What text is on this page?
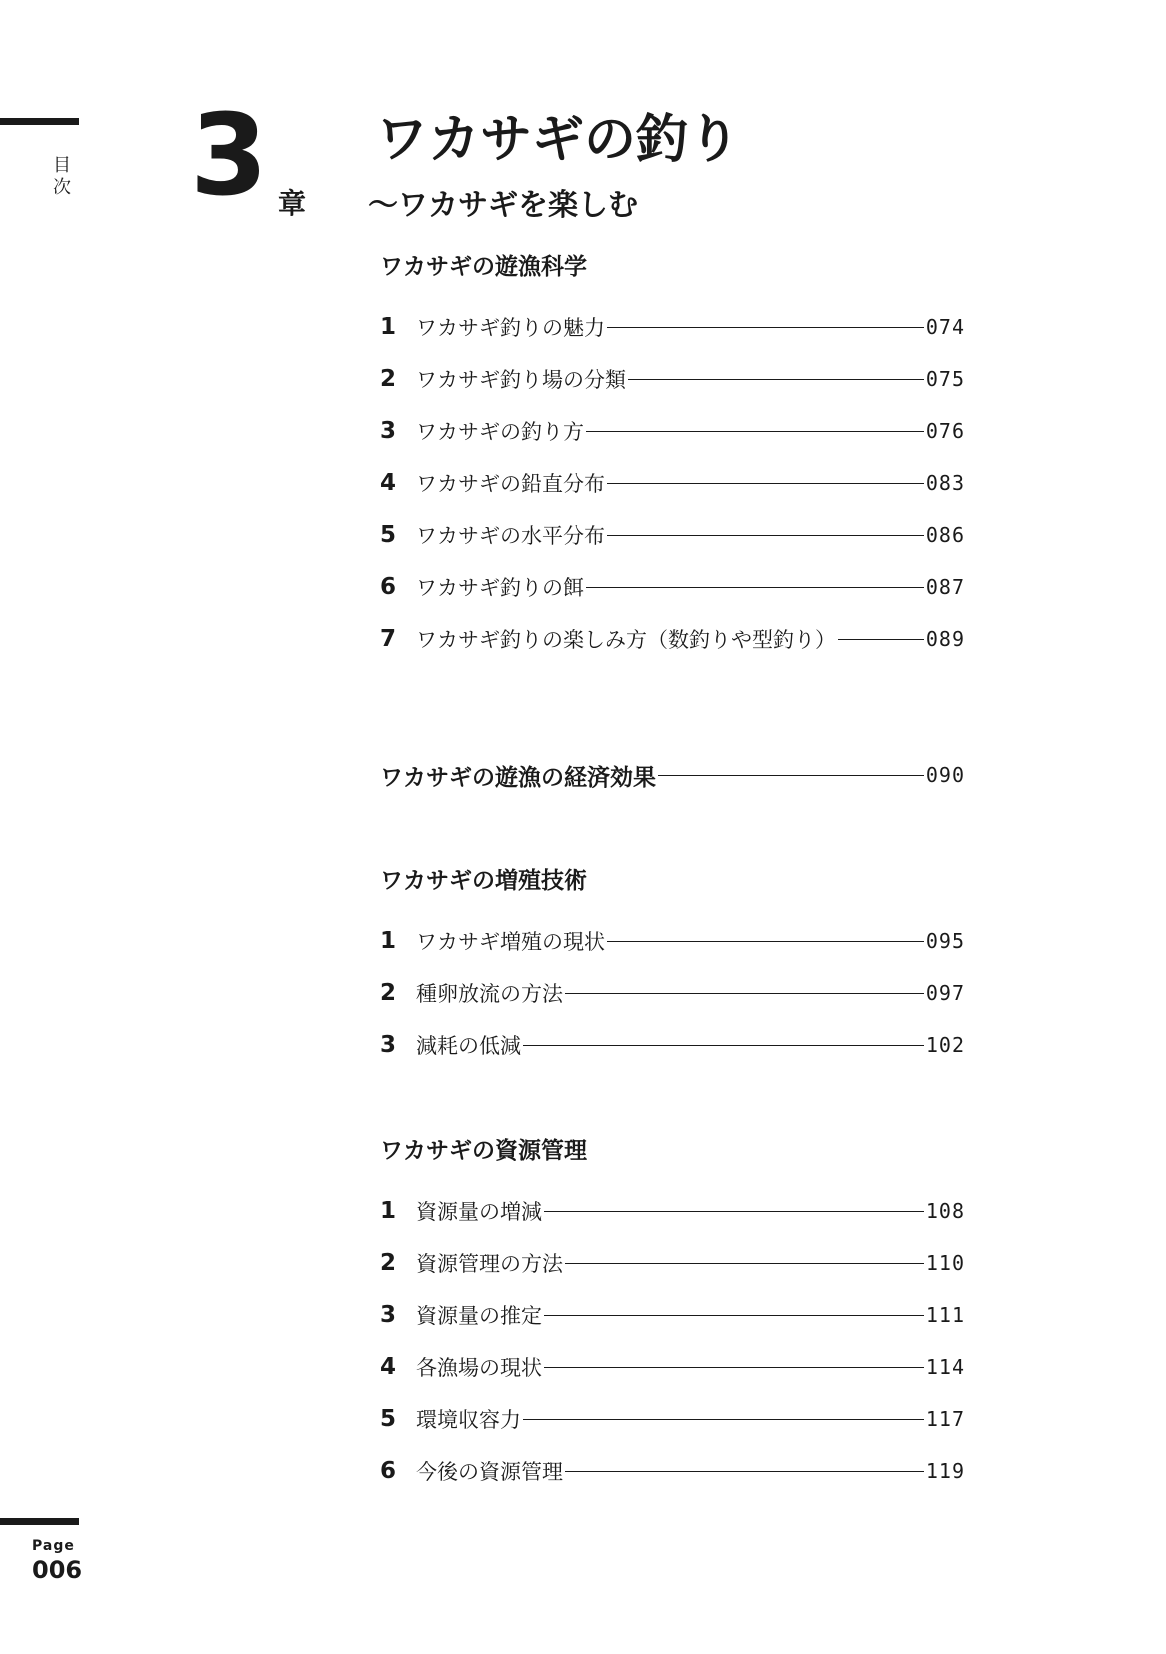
目次 3 章
ワカサギの釣り
〜ワカサギを楽しむ
ワカサギの遊漁科学
1 ワカサギ釣りの魅力	074
2 ワカサギ釣り場の分類	075
3 ワカサギの釣り方	076
4 ワカサギの鉛直分布	083
5 ワカサギの水平分布	086
6 ワカサギ釣りの餌	087
7 ワカサギ釣りの楽しみ方（数釣りや型釣り）	089
ワカサギの遊漁の経済効果	090
ワカサギの増殖技術
1 ワカサギ増殖の現状	095
2 種卵放流の方法	097
3 減耗の低減	102
ワカサギの資源管理
1 資源量の増減	108
2 資源管理の方法	110
3 資源量の推定	111
4 各漁場の現状	114
5 環境収容力	117
6 今後の資源管理	119
Page
006
